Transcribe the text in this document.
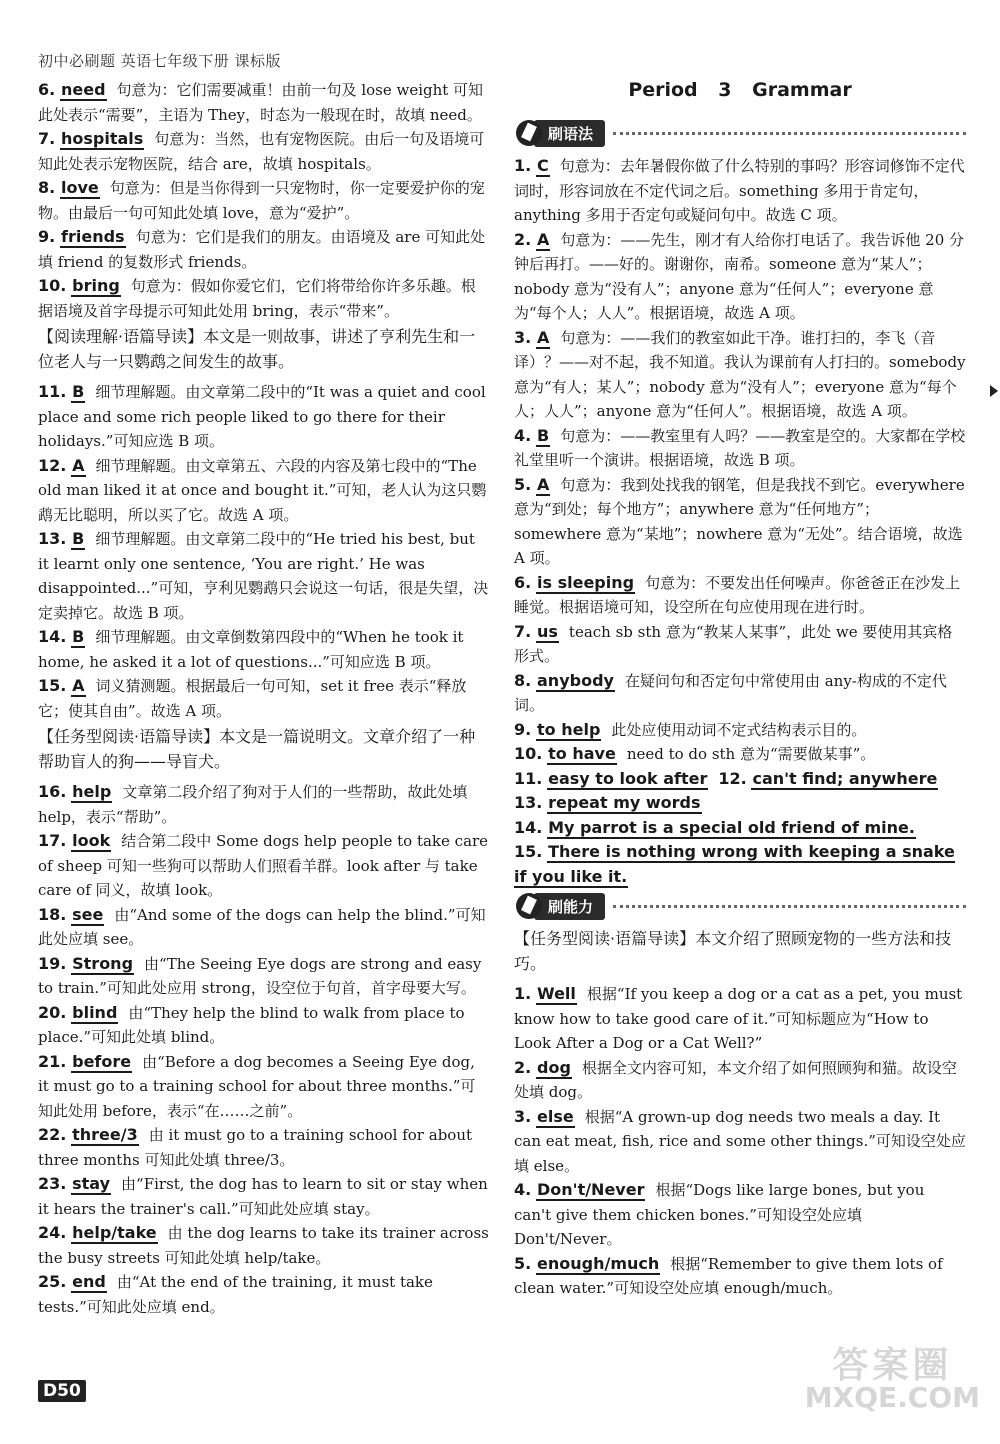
初中必刷题 英语七年级下册 课标版
6. need 句意为：它们需要减重！由前一句及 lose weight 可知此处表示“需要”，主语为 They，时态为一般现在时，故填 need。
7. hospitals 句意为：当然，也有宠物医院。由后一句及语境可知此处表示宠物医院，结合 are，故填 hospitals。
8. love 句意为：但是当你得到一只宠物时，你一定要爱护你的宠物。由最后一句可知此处填 love，意为“爱护”。
9. friends 句意为：它们是我们的朋友。由语境及 are 可知此处填 friend 的复数形式 friends。
10. bring 句意为：假如你爱它们，它们将带给你许多乐趣。根据语境及首字母提示可知此处用 bring，表示“带来”。
【阅读理解·语篇导读】本文是一则故事，讲述了亨利先生和一位老人与一只鹦鹉之间发生的故事。
11. B 细节理解题。由文章第二段中的“It was a quiet and cool place and some rich people liked to go there for their holidays.”可知应选 B 项。
12. A 细节理解题。由文章第五、六段的内容及第七段中的“The old man liked it at once and bought it.”可知，老人认为这只鹦鹉无比聪明，所以买了它。故选 A 项。
13. B 细节理解题。由文章第二段中的“He tried his best, but it learnt only one sentence, ‘You are right.’ He was disappointed...”可知，亨利见鹦鹉只会说这一句话，很是失望，决定卖掉它。故选 B 项。
14. B 细节理解题。由文章倒数第四段中的“When he took it home, he asked it a lot of questions...”可知应选 B 项。
15. A 词义猜测题。根据最后一句可知，set it free 表示“释放它；使其自由”。故选 A 项。
【任务型阅读·语篇导读】本文是一篇说明文。文章介绍了一种帮助盲人的狗——导盲犬。
16. help 文章第二段介绍了狗对于人们的一些帮助，故此处填 help，表示“帮助”。
17. look 结合第二段中 Some dogs help people to take care of sheep 可知一些狗可以帮助人们照看羊群。look after 与 take care of 同义，故填 look。
18. see 由“And some of the dogs can help the blind.”可知此处应填 see。
19. Strong 由“The Seeing Eye dogs are strong and easy to train.”可知此处应用 strong，设空位于句首，首字母要大写。
20. blind 由“They help the blind to walk from place to place.”可知此处填 blind。
21. before 由“Before a dog becomes a Seeing Eye dog, it must go to a training school for about three months.”可知此处用 before，表示“在……之前”。
22. three/3 由 it must go to a training school for about three months 可知此处填 three/3。
23. stay 由“First, the dog has to learn to sit or stay when it hears the trainer's call.”可知此处应填 stay。
24. help/take 由 the dog learns to take its trainer across the busy streets 可知此处填 help/take。
25. end 由“At the end of the training, it must take tests.”可知此处应填 end。
Period 3 Grammar
刷语法
1. C 句意为：去年暑假你做了什么特别的事吗？形容词修饰不定代词时，形容词放在不定代词之后。something 多用于肯定句，anything 多用于否定句或疑问句中。故选 C 项。
2. A 句意为：——先生，刚才有人给你打电话了。我告诉他 20 分钟后再打。——好的。谢谢你，南希。someone 意为“某人”；nobody 意为“没有人”；anyone 意为“任何人”；everyone 意为“每个人；人人”。根据语境，故选 A 项。
3. A 句意为：——我们的教室如此干净。谁打扫的，李飞（音译）？——对不起，我不知道。我认为课前有人打扫的。somebody 意为“有人；某人”；nobody 意为“没有人”；everyone 意为“每个人；人人”；anyone 意为“任何人”。根据语境，故选 A 项。
4. B 句意为：——教室里有人吗？——教室是空的。大家都在学校礼堂里听一个演讲。根据语境，故选 B 项。
5. A 句意为：我到处找我的钢笔，但是我找不到它。everywhere 意为“到处；每个地方”；anywhere 意为“任何地方”；somewhere 意为“某地”；nowhere 意为“无处”。结合语境，故选 A 项。
6. is sleeping 句意为：不要发出任何噪声。你爸爸正在沙发上睡觉。根据语境可知，设空所在句应使用现在进行时。
7. us teach sb sth 意为“教某人某事”，此处 we 要使用其宾格形式。
8. anybody 在疑问句和否定句中常使用由 any-构成的不定代词。
9. to help 此处应使用动词不定式结构表示目的。
10. to have need to do sth 意为“需要做某事”。
11. easy to look after 12. can't find; anywhere
13. repeat my words
14. My parrot is a special old friend of mine.
15. There is nothing wrong with keeping a snake if you like it.
刷能力
【任务型阅读·语篇导读】本文介绍了照顾宠物的一些方法和技巧。
1. Well 根据“If you keep a dog or a cat as a pet, you must know how to take good care of it.”可知标题应为“How to Look After a Dog or a Cat Well?”
2. dog 根据全文内容可知，本文介绍了如何照顾狗和猫。故设空处填 dog。
3. else 根据“A grown-up dog needs two meals a day. It can eat meat, fish, rice and some other things.”可知设空处应填 else。
4. Don't/Never 根据“Dogs like large bones, but you can't give them chicken bones.”可知设空处应填 Don't/Never。
5. enough/much 根据“Remember to give them lots of clean water.”可知设空处应填 enough/much。
D50
答案圈
MXQE.COM
